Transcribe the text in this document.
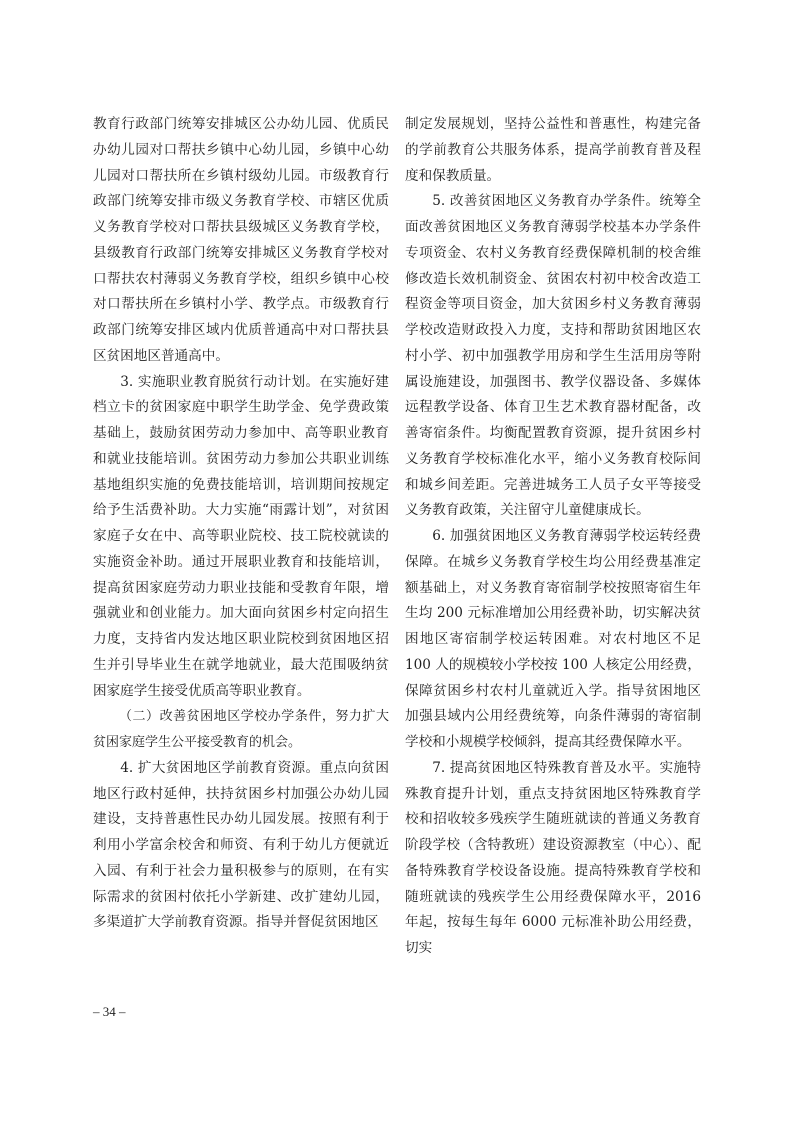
教育行政部门统筹安排城区公办幼儿园、优质民办幼儿园对口帮扶乡镇中心幼儿园，乡镇中心幼儿园对口帮扶所在乡镇村级幼儿园。市级教育行政部门统筹安排市级义务教育学校、市辖区优质义务教育学校对口帮扶县级城区义务教育学校，县级教育行政部门统筹安排城区义务教育学校对口帮扶农村薄弱义务教育学校，组织乡镇中心校对口帮扶所在乡镇村小学、教学点。市级教育行政部门统筹安排区域内优质普通高中对口帮扶县区贫困地区普通高中。

3. 实施职业教育脱贫行动计划。在实施好建档立卡的贫困家庭中职学生助学金、免学费政策基础上，鼓励贫困劳动力参加中、高等职业教育和就业技能培训。贫困劳动力参加公共职业训练基地组织实施的免费技能培训，培训期间按规定给予生活费补助。大力实施“雨露计划”，对贫困家庭子女在中、高等职业院校、技工院校就读的实施资金补助。通过开展职业教育和技能培训，提高贫困家庭劳动力职业技能和受教育年限，增强就业和创业能力。加大面向贫困乡村定向招生力度，支持省内发达地区职业院校到贫困地区招生并引导毕业生在就学地就业，最大范围吸纳贫困家庭学生接受优质高等职业教育。

（二）改善贫困地区学校办学条件，努力扩大贫困家庭学生公平接受教育的机会。

4. 扩大贫困地区学前教育资源。重点向贫困地区行政村延伸，扶持贫困乡村加强公办幼儿园建设，支持普惠性民办幼儿园发展。按照有利于利用小学富余校舍和师资、有利于幼儿方便就近入园、有利于社会力量积极参与的原则，在有实际需求的贫困村依托小学新建、改扩建幼儿园，多渠道扩大学前教育资源。指导并督促贫困地区

制定发展规划，坚持公益性和普惠性，构建完备的学前教育公共服务体系，提高学前教育普及程度和保教质量。

5. 改善贫困地区义务教育办学条件。统筹全面改善贫困地区义务教育薄弱学校基本办学条件专项资金、农村义务教育经费保障机制的校舍维修改造长效机制资金、贫困农村初中校舍改造工程资金等项目资金，加大贫困乡村义务教育薄弱学校改造财政投入力度，支持和帮助贫困地区农村小学、初中加强教学用房和学生生活用房等附属设施建设，加强图书、教学仪器设备、多媒体远程教学设备、体育卫生艺术教育器材配备，改善寄宿条件。均衡配置教育资源，提升贫困乡村义务教育学校标准化水平，缩小义务教育校际间和城乡间差距。完善进城务工人员子女平等接受义务教育政策，关注留守儿童健康成长。

6. 加强贫困地区义务教育薄弱学校运转经费保障。在城乡义务教育学校生均公用经费基准定额基础上，对义务教育寄宿制学校按照寄宿生年生均 200 元标准增加公用经费补助，切实解决贫困地区寄宿制学校运转困难。对农村地区不足 100 人的规模较小学校按 100 人核定公用经费，保障贫困乡村农村儿童就近入学。指导贫困地区加强县域内公用经费统筹，向条件薄弱的寄宿制学校和小规模学校倾斜，提高其经费保障水平。

7. 提高贫困地区特殊教育普及水平。实施特殊教育提升计划，重点支持贫困地区特殊教育学校和招收较多残疾学生随班就读的普通义务教育阶段学校（含特教班）建设资源教室（中心）、配备特殊教育学校设备设施。提高特殊教育学校和随班就读的残疾学生公用经费保障水平，2016 年起，按每生每年 6000 元标准补助公用经费，切实

– 34 –
